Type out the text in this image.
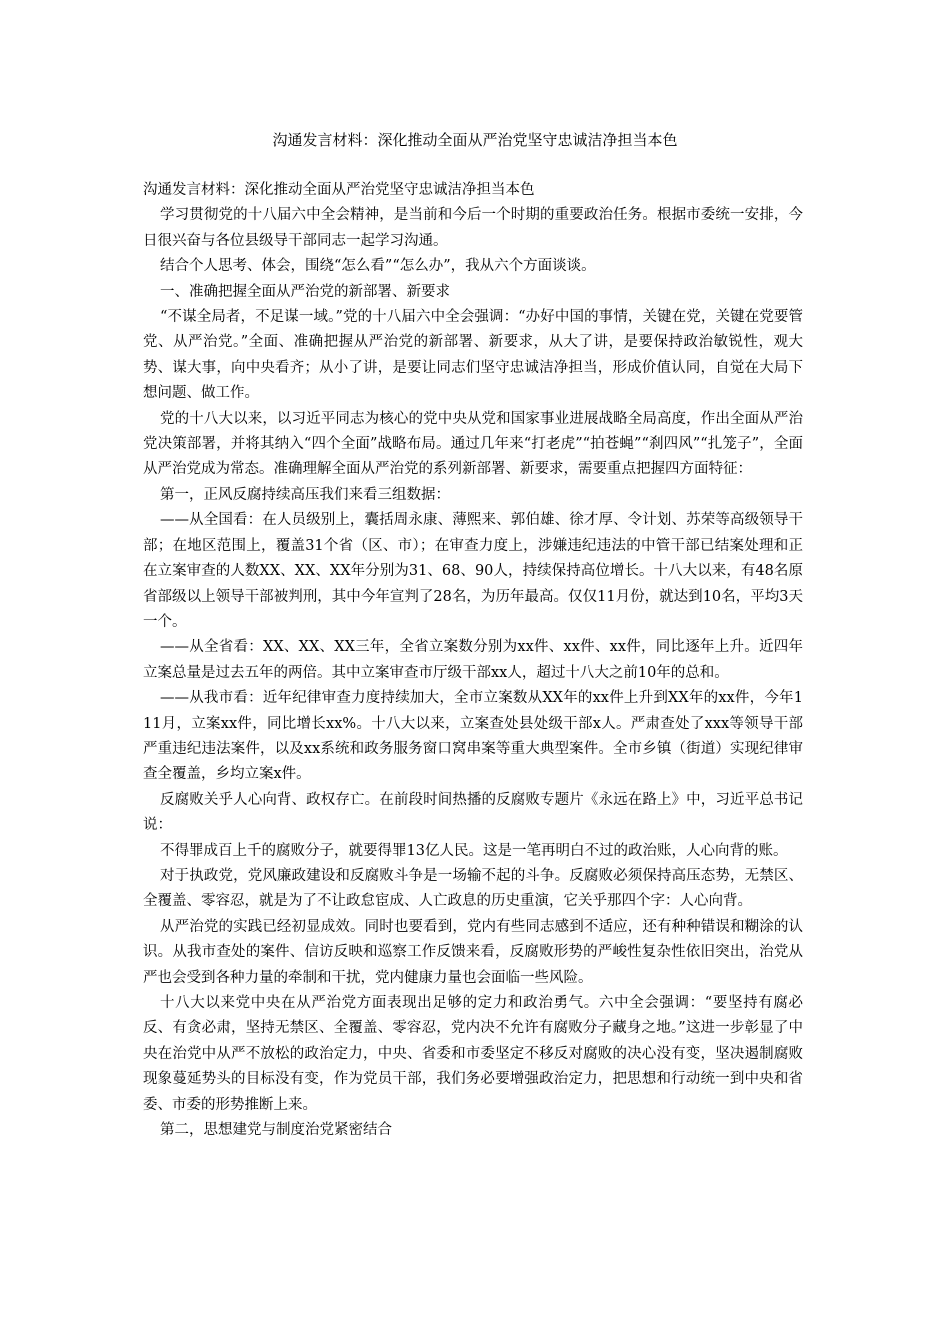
沟通发言材料：深化推动全面从严治党坚守忠诚洁净担当本色

沟通发言材料：深化推动全面从严治党坚守忠诚洁净担当本色

学习贯彻党的十八届六中全会精神，是当前和今后一个时期的重要政治任务。根据市委统一安排，今日很兴奋与各位县级导干部同志一起学习沟通。

结合个人思考、体会，围绕“怎么看”“怎么办”，我从六个方面谈谈。

一、准确把握全面从严治党的新部署、新要求

“不谋全局者，不足谋一域。”党的十八届六中全会强调：“办好中国的事情，关键在党，关键在党要管党、从严治党。”全面、准确把握从严治党的新部署、新要求，从大了讲，是要保持政治敏锐性，观大势、谋大事，向中央看齐；从小了讲，是要让同志们坚守忠诚洁净担当，形成价值认同，自觉在大局下想问题、做工作。

党的十八大以来，以习近平同志为核心的党中央从党和国家事业进展战略全局高度，作出全面从严治党决策部署，并将其纳入“四个全面”战略布局。通过几年来“打老虎”“拍苍蝇”“刹四风”“扎笼子”，全面从严治党成为常态。准确理解全面从严治党的系列新部署、新要求，需要重点把握四方面特征：

第一，正风反腐持续高压我们来看三组数据：

——从全国看：在人员级别上，囊括周永康、薄熙来、郭伯雄、徐才厚、令计划、苏荣等高级领导干部；在地区范围上，覆盖31个省（区、市）；在审查力度上，涉嫌违纪违法的中管干部已结案处理和正在立案审查的人数XX、XX、XX年分别为31、68、90人，持续保持高位增长。十八大以来，有48名原省部级以上领导干部被判刑，其中今年宣判了28名，为历年最高。仅仅11月份，就达到10名，平均3天一个。

——从全省看：XX、XX、XX三年，全省立案数分别为xx件、xx件、xx件，同比逐年上升。近四年立案总量是过去五年的两倍。其中立案审查市厅级干部xx人，超过十八大之前10年的总和。

——从我市看：近年纪律审查力度持续加大，全市立案数从XX年的xx件上升到XX年的xx件，今年111月，立案xx件，同比增长xx%。十八大以来，立案查处县处级干部x人。严肃查处了xxx等领导干部严重违纪违法案件，以及xx系统和政务服务窗口窝串案等重大典型案件。全市乡镇（街道）实现纪律审查全覆盖，乡均立案x件。

反腐败关乎人心向背、政权存亡。在前段时间热播的反腐败专题片《永远在路上》中，习近平总书记说：

不得罪成百上千的腐败分子，就要得罪13亿人民。这是一笔再明白不过的政治账，人心向背的账。

对于执政党，党风廉政建设和反腐败斗争是一场输不起的斗争。反腐败必须保持高压态势，无禁区、全覆盖、零容忍，就是为了不让政怠宦成、人亡政息的历史重演，它关乎那四个字：人心向背。

从严治党的实践已经初显成效。同时也要看到，党内有些同志感到不适应，还有种种错误和糊涂的认识。从我市查处的案件、信访反映和巡察工作反馈来看，反腐败形势的严峻性复杂性依旧突出，治党从严也会受到各种力量的牵制和干扰，党内健康力量也会面临一些风险。

十八大以来党中央在从严治党方面表现出足够的定力和政治勇气。六中全会强调：“要坚持有腐必反、有贪必肃，坚持无禁区、全覆盖、零容忍，党内决不允许有腐败分子藏身之地。”这进一步彰显了中央在治党中从严不放松的政治定力，中央、省委和市委坚定不移反对腐败的决心没有变，坚决遏制腐败现象蔓延势头的目标没有变，作为党员干部，我们务必要增强政治定力，把思想和行动统一到中央和省委、市委的形势推断上来。

第二，思想建党与制度治党紧密结合
